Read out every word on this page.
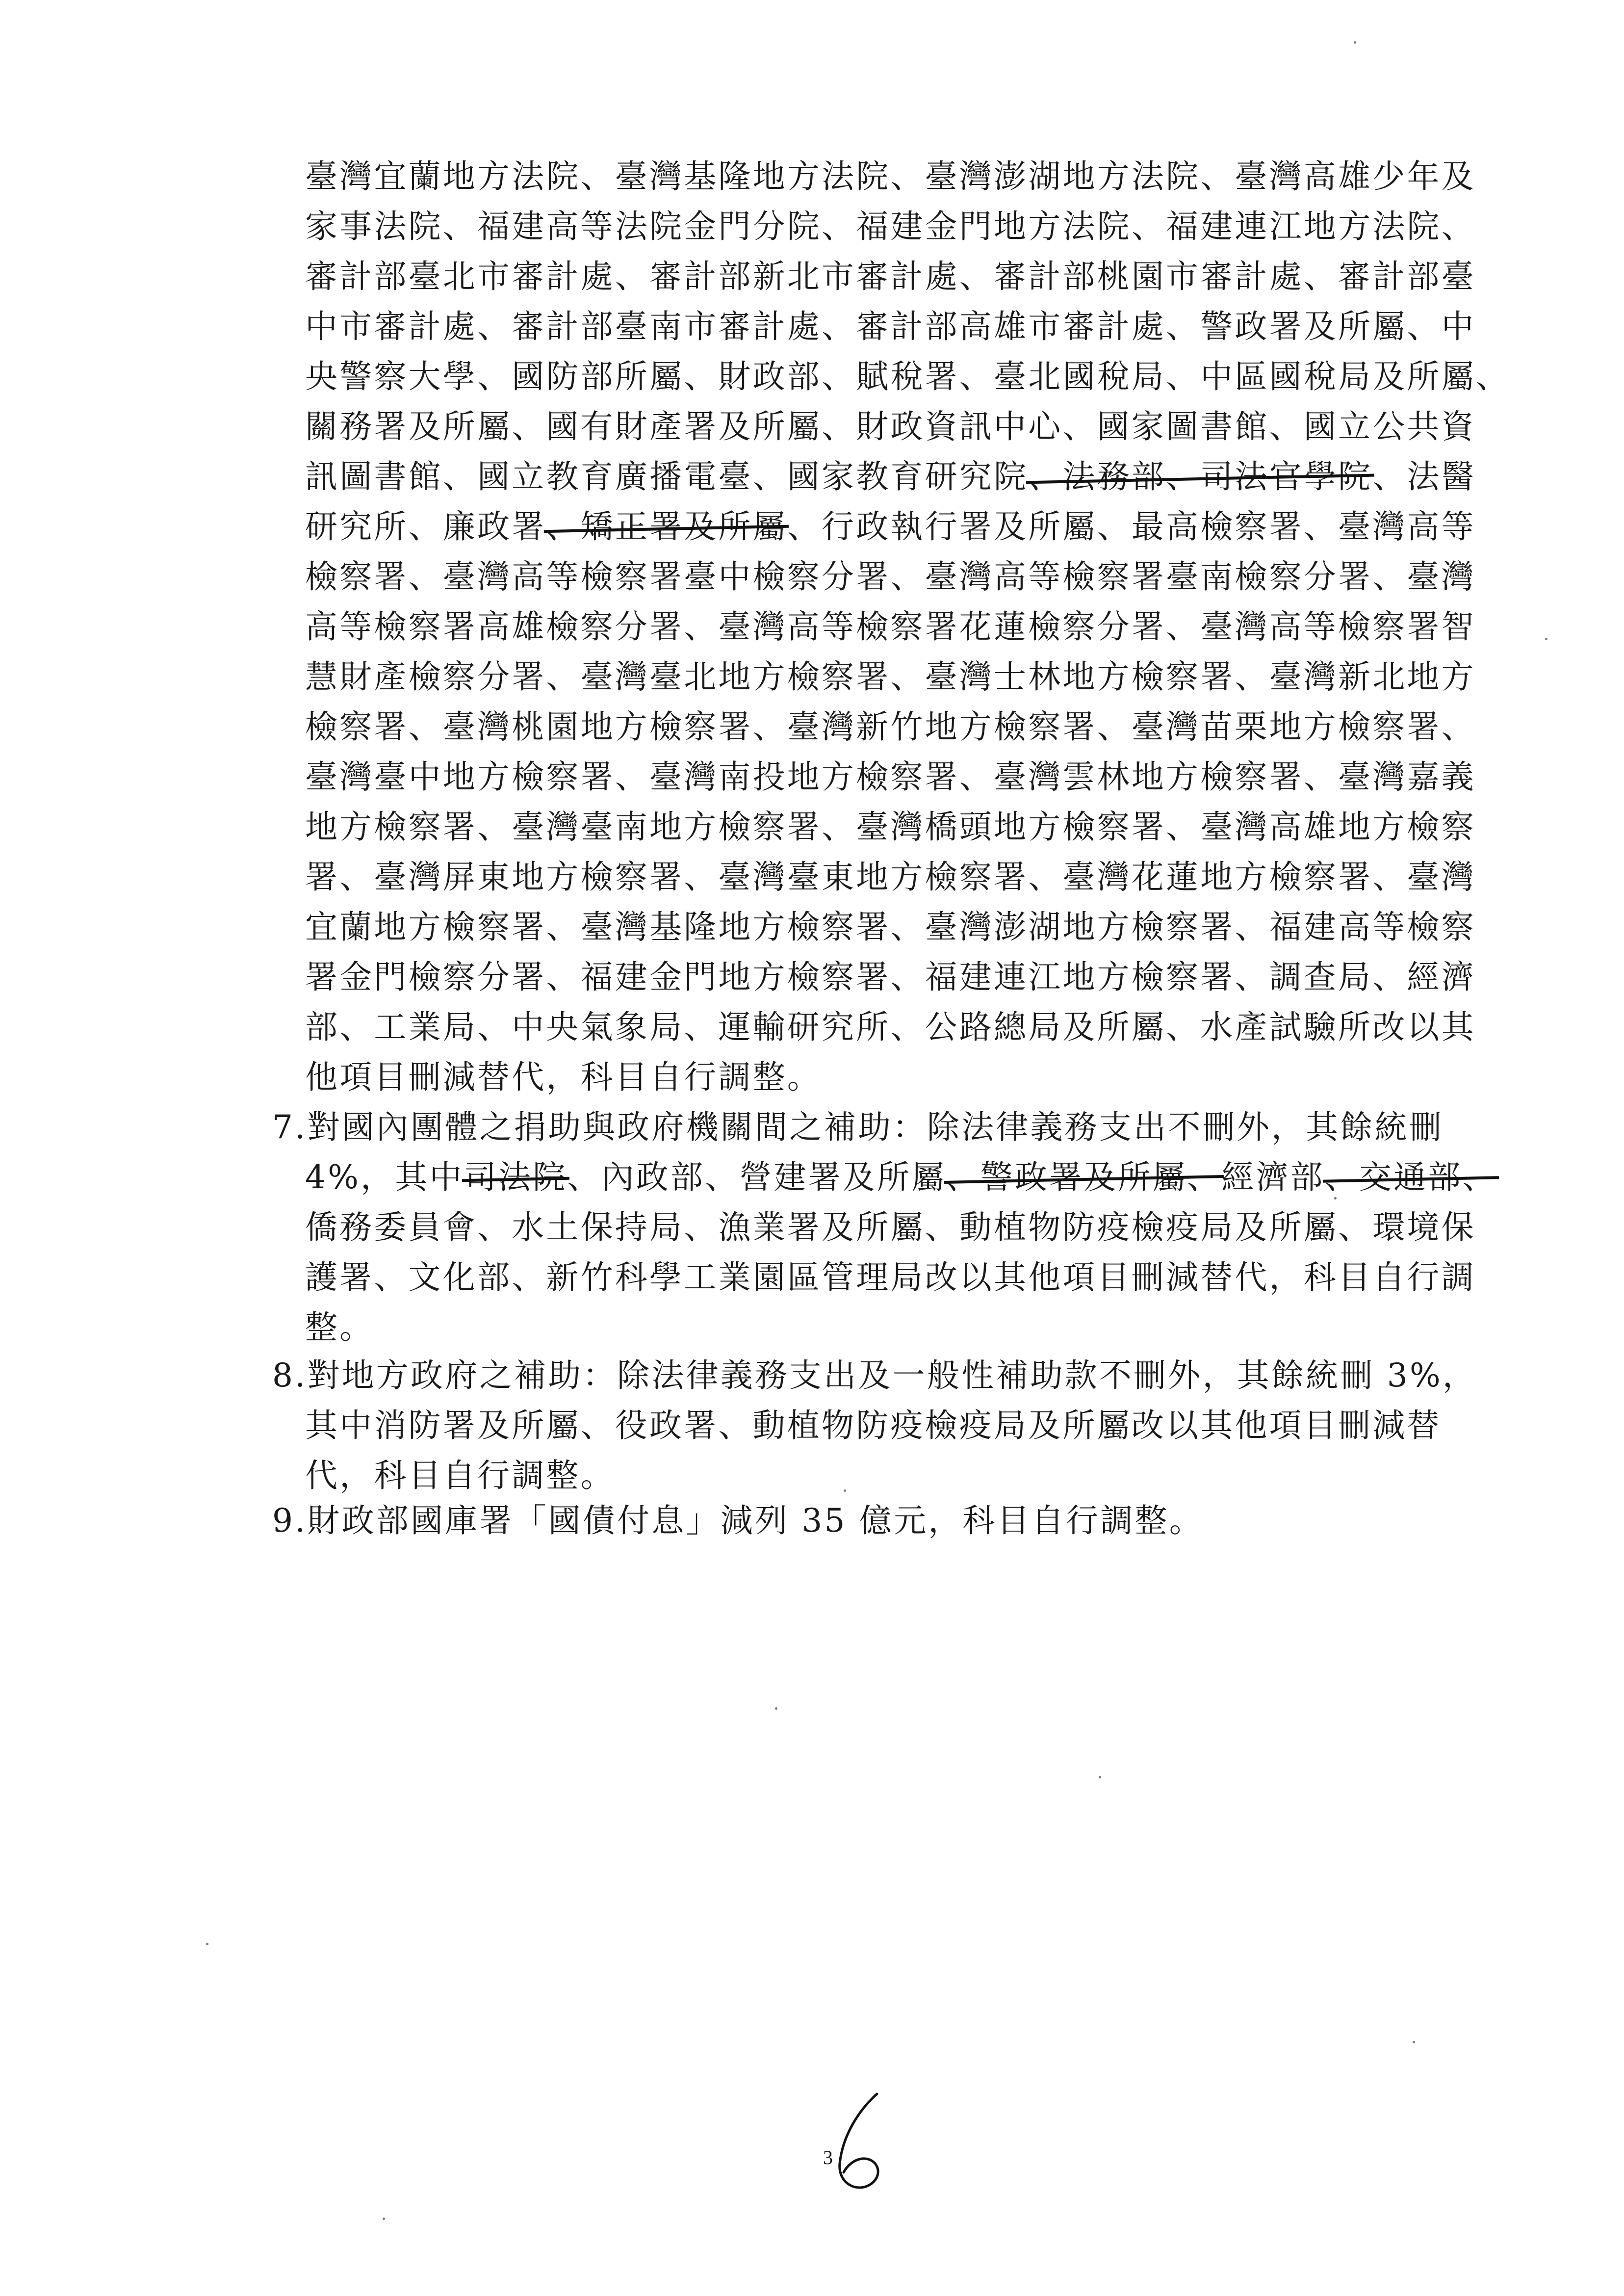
臺灣宜蘭地方法院、臺灣基隆地方法院、臺灣澎湖地方法院、臺灣高雄少年及
家事法院、福建高等法院金門分院、福建金門地方法院、福建連江地方法院、
審計部臺北市審計處、審計部新北市審計處、審計部桃園市審計處、審計部臺
中市審計處、審計部臺南市審計處、審計部高雄市審計處、警政署及所屬、中
央警察大學、國防部所屬、財政部、賦稅署、臺北國稅局、中區國稅局及所屬、
關務署及所屬、國有財產署及所屬、財政資訊中心、國家圖書館、國立公共資
訊圖書館、國立教育廣播電臺、國家教育研究院、法務部、司法官學院、法醫
研究所、廉政署、矯正署及所屬、行政執行署及所屬、最高檢察署、臺灣高等
檢察署、臺灣高等檢察署臺中檢察分署、臺灣高等檢察署臺南檢察分署、臺灣
高等檢察署高雄檢察分署、臺灣高等檢察署花蓮檢察分署、臺灣高等檢察署智
慧財產檢察分署、臺灣臺北地方檢察署、臺灣士林地方檢察署、臺灣新北地方
檢察署、臺灣桃園地方檢察署、臺灣新竹地方檢察署、臺灣苗栗地方檢察署、
臺灣臺中地方檢察署、臺灣南投地方檢察署、臺灣雲林地方檢察署、臺灣嘉義
地方檢察署、臺灣臺南地方檢察署、臺灣橋頭地方檢察署、臺灣高雄地方檢察
署、臺灣屏東地方檢察署、臺灣臺東地方檢察署、臺灣花蓮地方檢察署、臺灣
宜蘭地方檢察署、臺灣基隆地方檢察署、臺灣澎湖地方檢察署、福建高等檢察
署金門檢察分署、福建金門地方檢察署、福建連江地方檢察署、調查局、經濟
部、工業局、中央氣象局、運輸研究所、公路總局及所屬、水產試驗所改以其
他項目刪減替代，科目自行調整。
7.對國內團體之捐助與政府機關間之補助：除法律義務支出不刪外，其餘統刪
4%，其中司法院、內政部、營建署及所屬、警政署及所屬、經濟部、交通部、
僑務委員會、水土保持局、漁業署及所屬、動植物防疫檢疫局及所屬、環境保
護署、文化部、新竹科學工業園區管理局改以其他項目刪減替代，科目自行調
整。
8.對地方政府之補助：除法律義務支出及一般性補助款不刪外，其餘統刪 3%，
其中消防署及所屬、役政署、動植物防疫檢疫局及所屬改以其他項目刪減替
代，科目自行調整。
9.財政部國庫署「國債付息」減列 35 億元，科目自行調整。
3
